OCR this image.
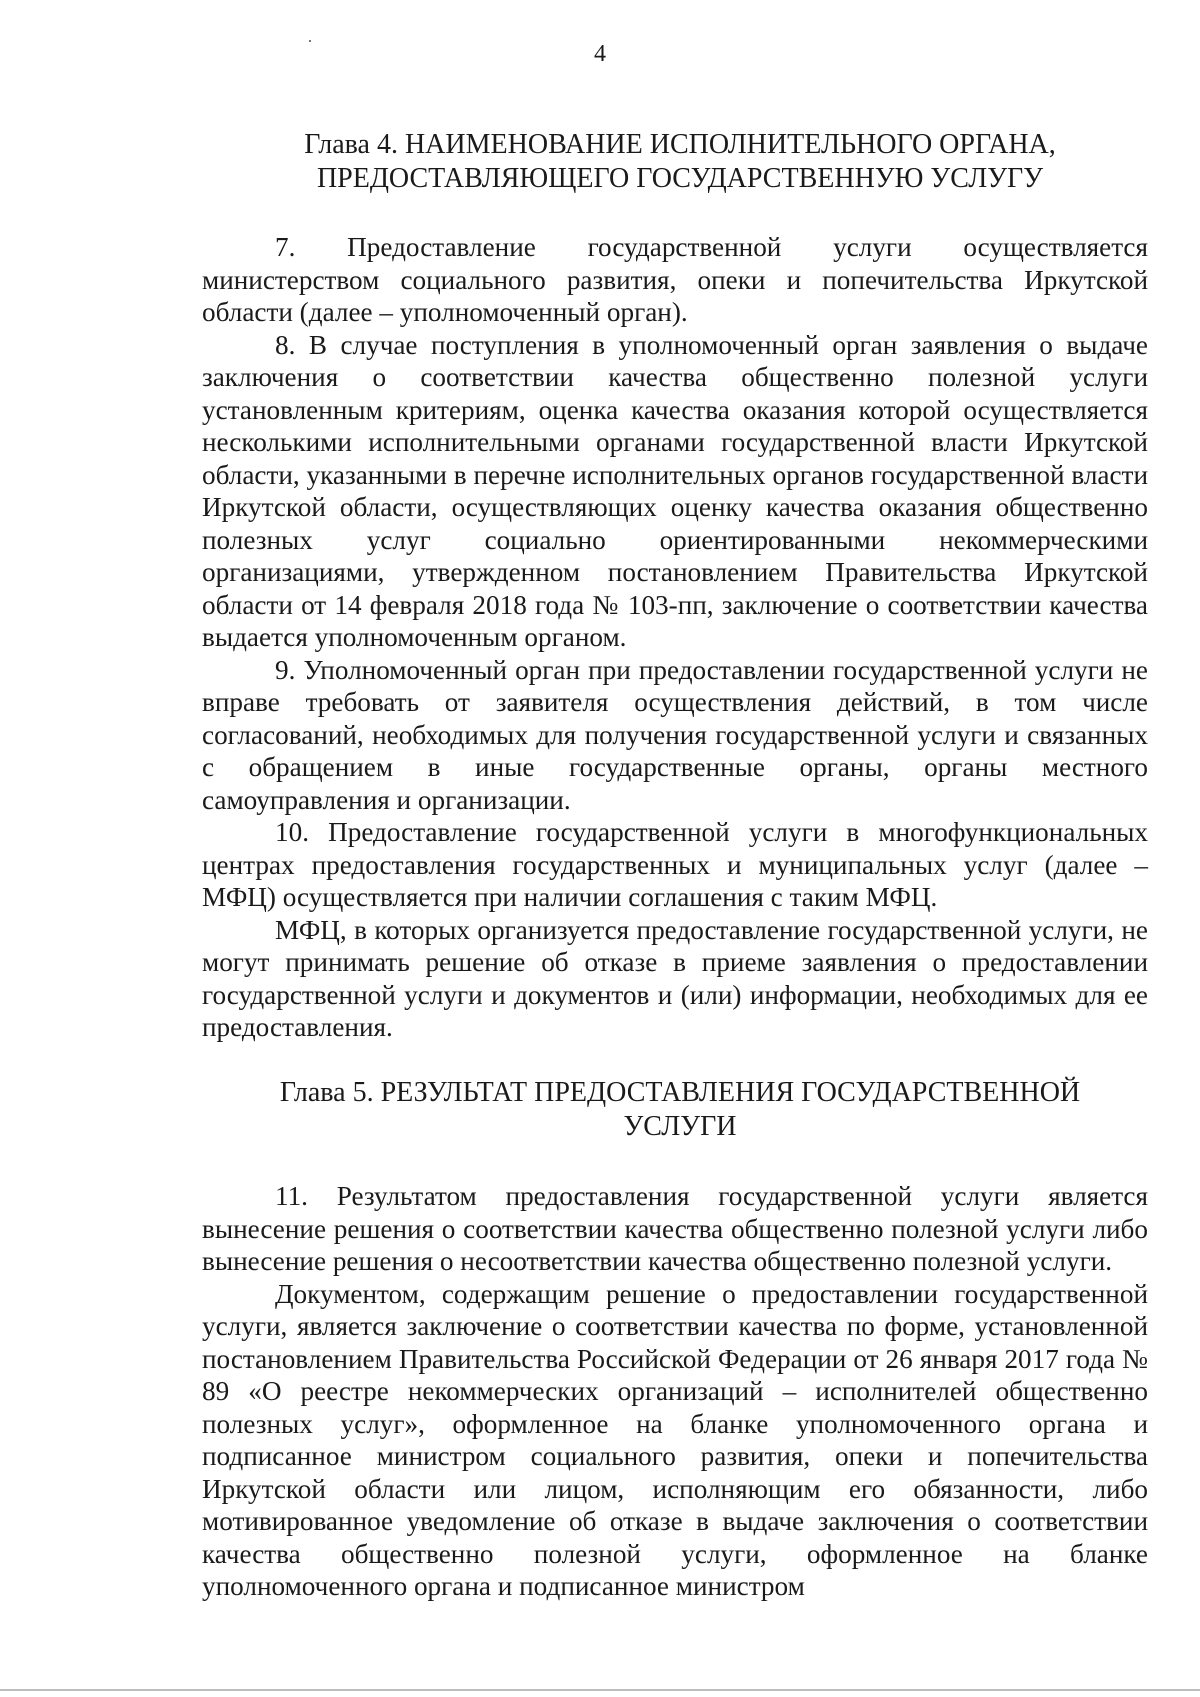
4
Глава 4. НАИМЕНОВАНИЕ ИСПОЛНИТЕЛЬНОГО ОРГАНА,
ПРЕДОСТАВЛЯЮЩЕГО ГОСУДАРСТВЕННУЮ УСЛУГУ

7. Предоставление государственной услуги осуществляется министерством социального развития, опеки и попечительства Иркутской области (далее – уполномоченный орган).

8. В случае поступления в уполномоченный орган заявления о выдаче заключения о соответствии качества общественно полезной услуги установленным критериям, оценка качества оказания которой осуществляется несколькими исполнительными органами государственной власти Иркутской области, указанными в перечне исполнительных органов государственной власти Иркутской области, осуществляющих оценку качества оказания общественно полезных услуг социально ориентированными некоммерческими организациями, утвержденном постановлением Правительства Иркутской области от 14 февраля 2018 года № 103-пп, заключение о соответствии качества выдается уполномоченным органом.

9. Уполномоченный орган при предоставлении государственной услуги не вправе требовать от заявителя осуществления действий, в том числе согласований, необходимых для получения государственной услуги и связанных с обращением в иные государственные органы, органы местного самоуправления и организации.

10. Предоставление государственной услуги в многофункциональных центрах предоставления государственных и муниципальных услуг (далее – МФЦ) осуществляется при наличии соглашения с таким МФЦ.

МФЦ, в которых организуется предоставление государственной услуги, не могут принимать решение об отказе в приеме заявления о предоставлении государственной услуги и документов и (или) информации, необходимых для ее предоставления.

Глава 5. РЕЗУЛЬТАТ ПРЕДОСТАВЛЕНИЯ ГОСУДАРСТВЕННОЙ
УСЛУГИ

11. Результатом предоставления государственной услуги является вынесение решения о соответствии качества общественно полезной услуги либо вынесение решения о несоответствии качества общественно полезной услуги.

Документом, содержащим решение о предоставлении государственной услуги, является заключение о соответствии качества по форме, установленной постановлением Правительства Российской Федерации от 26 января 2017 года № 89 «О реестре некоммерческих организаций – исполнителей общественно полезных услуг», оформленное на бланке уполномоченного органа и подписанное министром социального развития, опеки и попечительства Иркутской области или лицом, исполняющим его обязанности, либо мотивированное уведомление об отказе в выдаче заключения о соответствии качества общественно полезной услуги, оформленное на бланке уполномоченного органа и подписанное министром
